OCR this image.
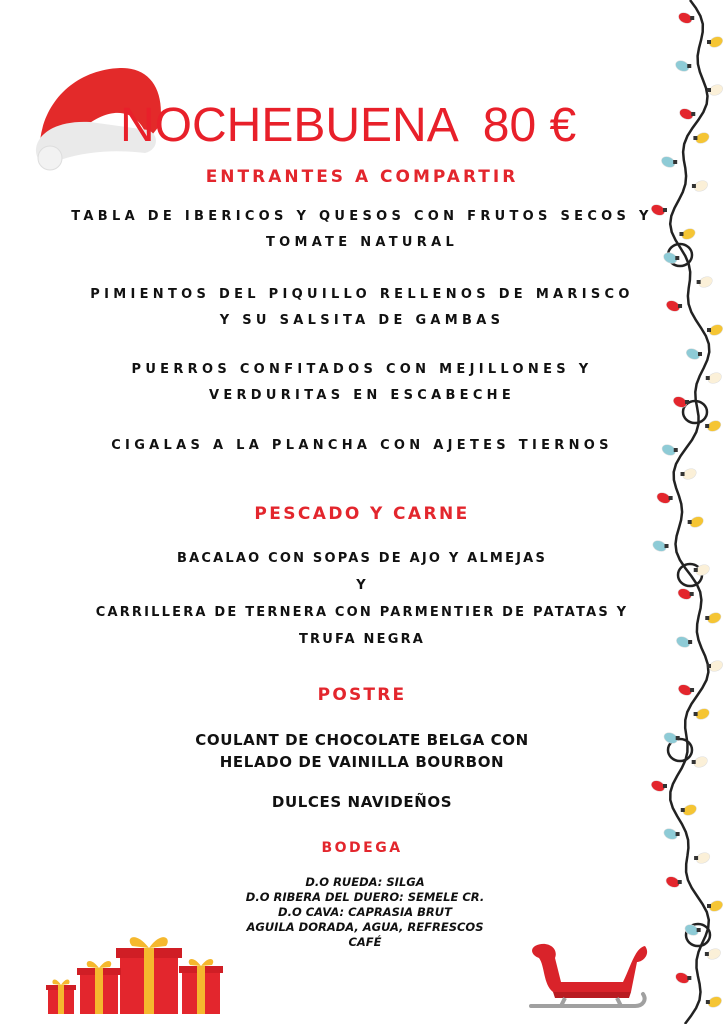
NOCHEBUENA  80 €
ENTRANTES A COMPARTIR
TABLA DE IBERICOS Y QUESOS CON FRUTOS SECOS Y
TOMATE NATURAL
PIMIENTOS DEL PIQUILLO RELLENOS DE MARISCO
Y SU SALSITA DE GAMBAS
PUERROS CONFITADOS CON MEJILLONES Y
VERDURITAS EN ESCABECHE
CIGALAS A LA PLANCHA CON AJETES TIERNOS
PESCADO Y CARNE
BACALAO CON SOPAS DE AJO Y ALMEJAS
Y
CARRILLERA DE TERNERA CON PARMENTIER DE PATATAS Y
TRUFA NEGRA
POSTRE
COULANT DE CHOCOLATE BELGA CON
HELADO DE VAINILLA BOURBON
DULCES NAVIDEÑOS
BODEGA
D.O RUEDA: SILGA
D.O RIBERA DEL DUERO: SEMELE CR.
D.O CAVA: CAPRASIA BRUT
AGUILA DORADA, AGUA, REFRESCOS
CAFÉ
